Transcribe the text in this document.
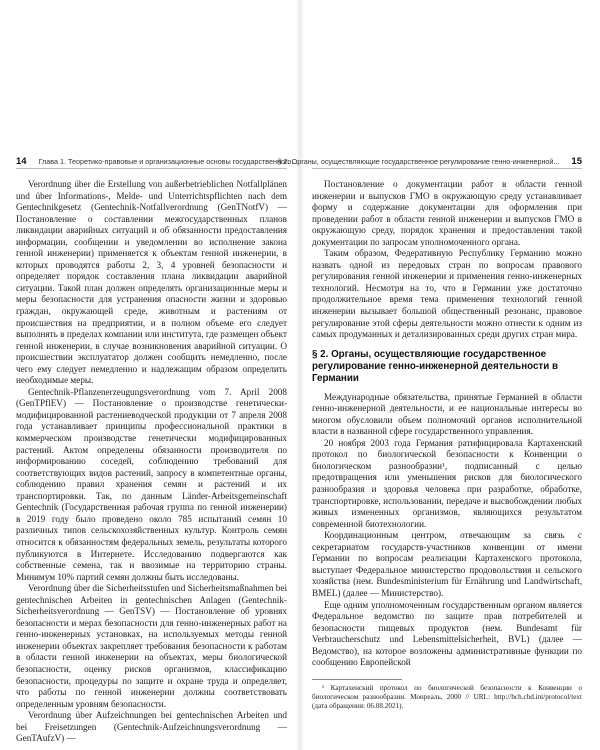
14 Глава 1. Теоретико-правовые и организационные основы государственного...

Verordnung über die Erstellung von außerbetrieblichen Notfallplänen und über Informations-, Melde- und Unterrichtspflichten nach dem Gentechnikgesetz (Gentechnik-Notfallverordnung (GenTNotfV) — Постановление о составлении межгосударственных планов ликвидации аварийных ситуаций и об обязанности предоставления информации, сообщении и уведомлении во исполнение закона генной инженерии) применяется к объектам генной инженерии, в которых проводятся работы 2, 3, 4 уровней безопасности и определяет порядок составления плана ликвидации аварийной ситуации. Такой план должен определять организационные меры и меры безопасности для устранения опасности жизни и здоровью граждан, окружающей среде, животным и растениям от происшествия на предприятии, и в полном объеме его следует выполнять в пределах компании или института, где размещен объект генной инженерии, в случае возникновения аварийной ситуации. О происшествии эксплуататор должен сообщить немедленно, после чего ему следует немедленно и надлежащим образом определить необходимые меры.

Gentechnik-Pflanzenerzeugungsverordnung vom 7. April 2008 (GenTPflEV) — Постановление о производстве генетически-модифицированной растениеводческой продукции от 7 апреля 2008 года устанавливает принципы профессиональной практики в коммерческом производстве генетически модифицированных растений. Актом определены обязанности производителя по информированию соседей, соблюдению требований для соответствующих видов растений, запросу в компетентные органы, соблюдению правил хранения семян и растений и их транспортировки. Так, по данным Länder-Arbeitsgemeinschaft Gentechnik (Государственная рабочая группа по генной инженерии) в 2019 году было проведено около 785 испытаний семян 10 различных типов сельскохозяйственных культур. Контроль семян относится к обязанностям федеральных земель, результаты которого публикуются в Интернете. Исследованию подвергаются как собственные семена, так и ввозимые на территорию страны. Минимум 10% партий семян должны быть исследованы.

Verordnung über die Sicherheitsstufen und Sicherheitsmaßnahmen bei gentechnischen Arbeiten in gentechnischen Anlagen (Gentechnik-Sicherheitsverordnung — GenTSV) — Постановление об уровнях безопасности и мерах безопасности для генно-инженерных работ на генно-инженерных установках, на используемых методы генной инженерии объектах закрепляет требования безопасности к работам в области генной инженерии на объектах, меры биологической безопасности, оценку рисков организмов, классификацию безопасности, процедуры по защите и охране труда и определяет, что работы по генной инженерии должны соответствовать определенным уровням безопасности.

Verordnung über Aufzeichnungen bei gentechnischen Arbeiten und bei Freisetzungen (Gentechnik-Aufzeichnungsverordnung — GenTAufzV) —

§ 2. Органы, осуществляющие государственное регулирование генно-инженерной... 15

Постановление о документации работ в области генной инженерии и выпусков ГМО в окружающую среду устанавливает форму и содержание документации для оформления при проведении работ в области генной инженерии и выпусков ГМО в окружающую среду, порядок хранения и предоставления такой документации по запросам уполномоченного органа.

Таким образом, Федеративную Республику Германию можно назвать одной из передовых стран по вопросам правового регулирования генной инженерии и применения генно-инженерных технологий. Несмотря на то, что в Германии уже достаточно продолжительное время тема применения технологий генной инженерии вызывает большой общественный резонанс, правовое регулирование этой сферы деятельности можно отнести к одним из самых продуманных и детализированных среди других стран мира.

§ 2. Органы, осуществляющие государственное регулирование генно-инженерной деятельности в Германии

Международные обязательства, принятые Германией в области генно-инженерной деятельности, и ее национальные интересы во многом обусловили объем полномочий органов исполнительной власти в названной сфере государственного управления.

20 ноября 2003 года Германия ратифицировала Картахенский протокол по биологической безопасности к Конвенции о биологическом разнообразии¹, подписанный с целью предотвращения или уменьшения рисков для биологического разнообразия и здоровья человека при разработке, обработке, транспортировке, использовании, передаче и высвобождении любых живых измененных организмов, являющихся результатом современной биотехнологии.

Координационным центром, отвечающим за связь с секретариатом государств-участников конвенции от имени Германии по вопросам реализации Картахенского протокола, выступает Федеральное министерство продовольствия и сельского хозяйства (нем. Bundesministerium für Ernährung und Landwirtschaft, BMEL) (далее — Министерство).

Еще одним уполномоченным государственным органом является Федеральное ведомство по защите прав потребителей и безопасности пищевых продуктов (нем. Bundesamt für Verbraucherschutz und Lebensmittelsicherheit, BVL) (далее — Ведомство), на которое возложены административные функции по сообщению Европейской

¹ Картахенский протокол по биологической безопасности к Конвенции о биологическом разнообразии. Монреаль, 2000 // URL: http://bch.cbd.int/protocol/text (дата обращения: 06.08.2021).
